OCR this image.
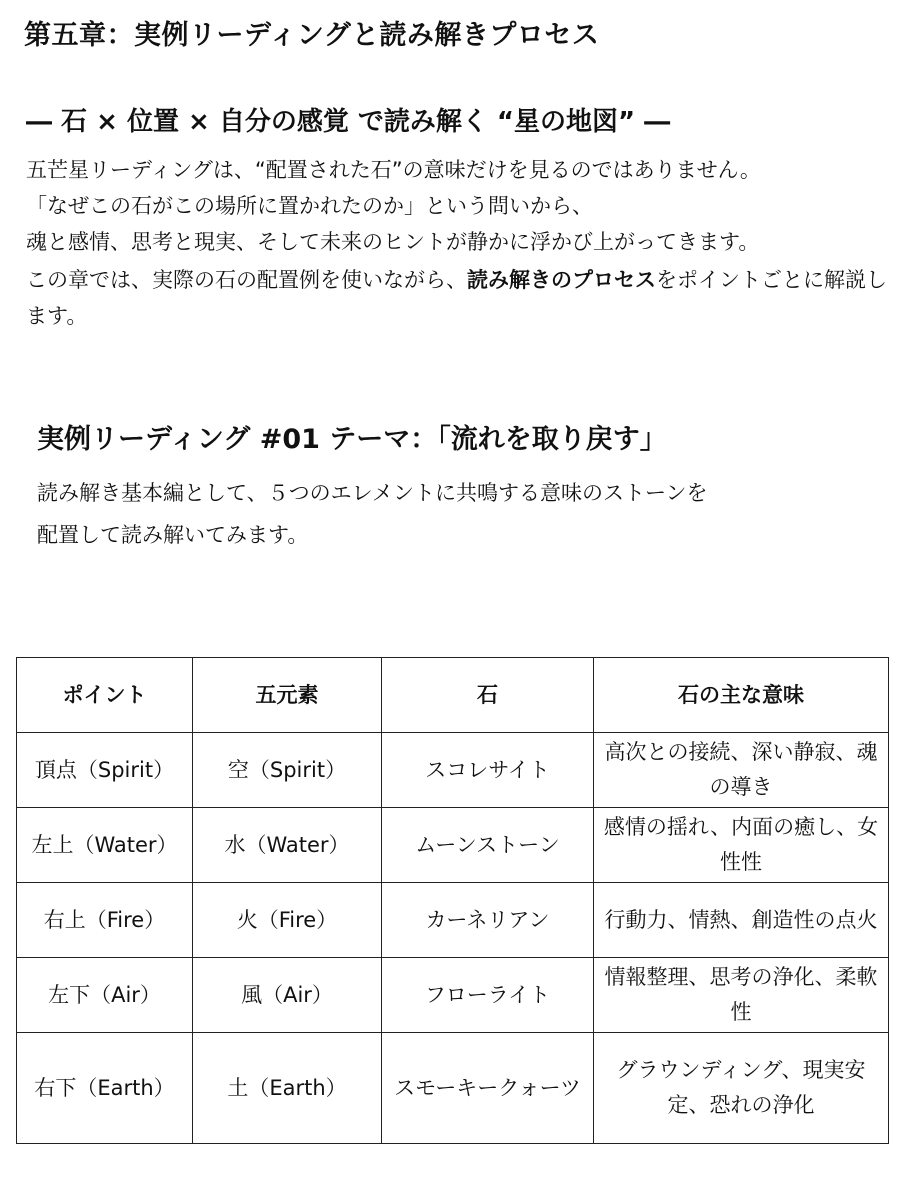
第五章：実例リーディングと読み解きプロセス
― 石 × 位置 × 自分の感覚 で読み解く “星の地図” ―

五芒星リーディングは、“配置された石”の意味だけを見るのではありません。

「なぜこの石がこの場所に置かれたのか」という問いから、

魂と感情、思考と現実、そして未来のヒントが静かに浮かび上がってきます。

この章では、実際の石の配置例を使いながら、読み解きのプロセスをポイントごとに解説します。

実例リーディング #01 テーマ：「流れを取り戻す」

読み解き基本編として、５つのエレメントに共鳴する意味のストーンを

配置して読み解いてみます。

ポイント	五元素	石	石の主な意味
頂点（Spirit）	空（Spirit）	スコレサイト	高次との接続、深い静寂、魂の導き
左上（Water）	水（Water）	ムーンストーン	感情の揺れ、内面の癒し、女性性
右上（Fire）	火（Fire）	カーネリアン	行動力、情熱、創造性の点火
左下（Air）	風（Air）	フローライト	情報整理、思考の浄化、柔軟性
右下（Earth）	土（Earth）	スモーキークォーツ	グラウンディング、現実安定、恐れの浄化
